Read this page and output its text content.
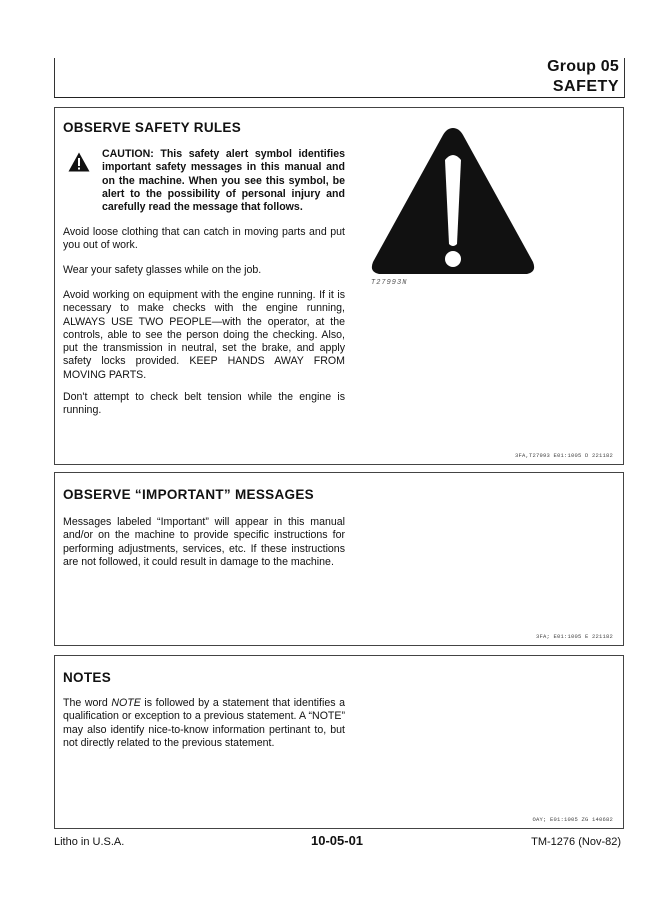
Group 05
SAFETY
OBSERVE SAFETY RULES

CAUTION: This safety alert symbol identifies important safety messages in this manual and on the machine. When you see this symbol, be alert to the possibility of personal injury and carefully read the message that follows.

Avoid loose clothing that can catch in moving parts and put you out of work.

Wear your safety glasses while on the job.

Avoid working on equipment with the engine running. If it is necessary to make checks with the engine running, ALWAYS USE TWO PEOPLE—with the operator, at the controls, able to see the person doing the checking. Also, put the transmission in neutral, set the brake, and apply safety locks provided. KEEP HANDS AWAY FROM MOVING PARTS.

Don't attempt to check belt tension while the engine is running.

T27993N
3FA,T27993 E01:1005 D 221182
OBSERVE “IMPORTANT” MESSAGES

Messages labeled “Important” will appear in this manual and/or on the machine to provide specific instructions for performing adjustments, services, etc. If these instructions are not followed, it could result in damage to the machine.

3FA; E01:1005 E 221182
NOTES

The word NOTE is followed by a statement that identifies a qualification or exception to a previous statement. A “NOTE” may also identify nice-to-know information pertinant to, but not directly related to the previous statement.

OAY; E01:1005 ZG 140682
Litho in U.S.A.	10-05-01	TM-1276 (Nov-82)
